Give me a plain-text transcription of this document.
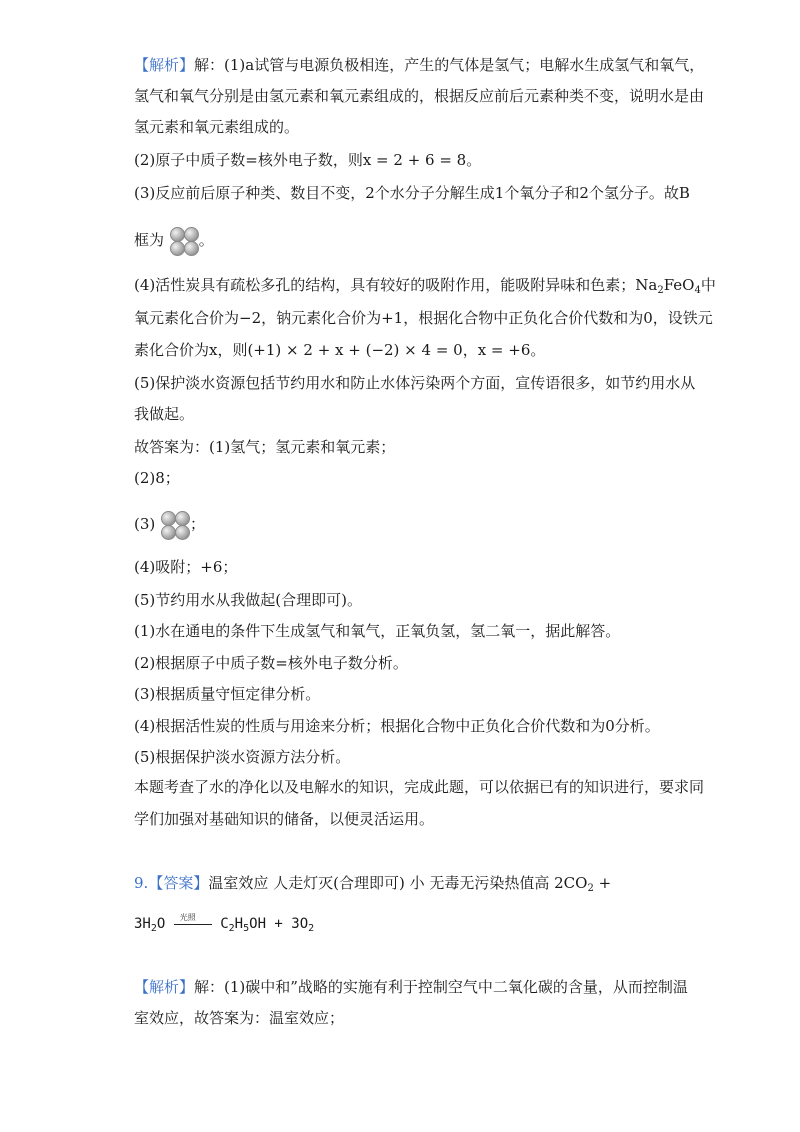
【解析】解：(1)a试管与电源负极相连，产生的气体是氢气；电解水生成氢气和氧气，
氢气和氧气分别是由氢元素和氧元素组成的，根据反应前后元素种类不变，说明水是由
氢元素和氧元素组成的。
(2)原子中质子数=核外电子数，则x = 2 + 6 = 8。
(3)反应前后原子种类、数目不变，2个水分子分解生成1个氧分子和2个氢分子。故B
框为 。
(4)活性炭具有疏松多孔的结构，具有较好的吸附作用，能吸附异味和色素；$Na_2FeO_4$中
氧元素化合价为−2，钠元素化合价为+1，根据化合物中正负化合价代数和为0，设铁元
素化合价为x，则(+1) × 2 + x + (−2) × 4 = 0，x = +6。
(5)保护淡水资源包括节约用水和防止水体污染两个方面，宣传语很多，如节约用水从
我做起。
故答案为：(1)氢气；氢元素和氧元素；
(2)8；
(3) ；
(4)吸附；+6；
(5)节约用水从我做起(合理即可)。
(1)水在通电的条件下生成氢气和氧气，正氧负氢，氢二氧一，据此解答。
(2)根据原子中质子数=核外电子数分析。
(3)根据质量守恒定律分析。
(4)根据活性炭的性质与用途来分析；根据化合物中正负化合价代数和为0分析。
(5)根据保护淡水资源方法分析。
本题考查了水的净化以及电解水的知识，完成此题，可以依据已有的知识进行，要求同
学们加强对基础知识的储备，以便灵活运用。
9.【答案】温室效应 人走灯灭(合理即可) 小 无毒无污染热值高 $2CO_2$ +
$3H_2O$ 光照 $C_2H_5OH + 3O_2$
【解析】解：(1)碳中和”战略的实施有利于控制空气中二氧化碳的含量，从而控制温
室效应，故答案为：温室效应；
